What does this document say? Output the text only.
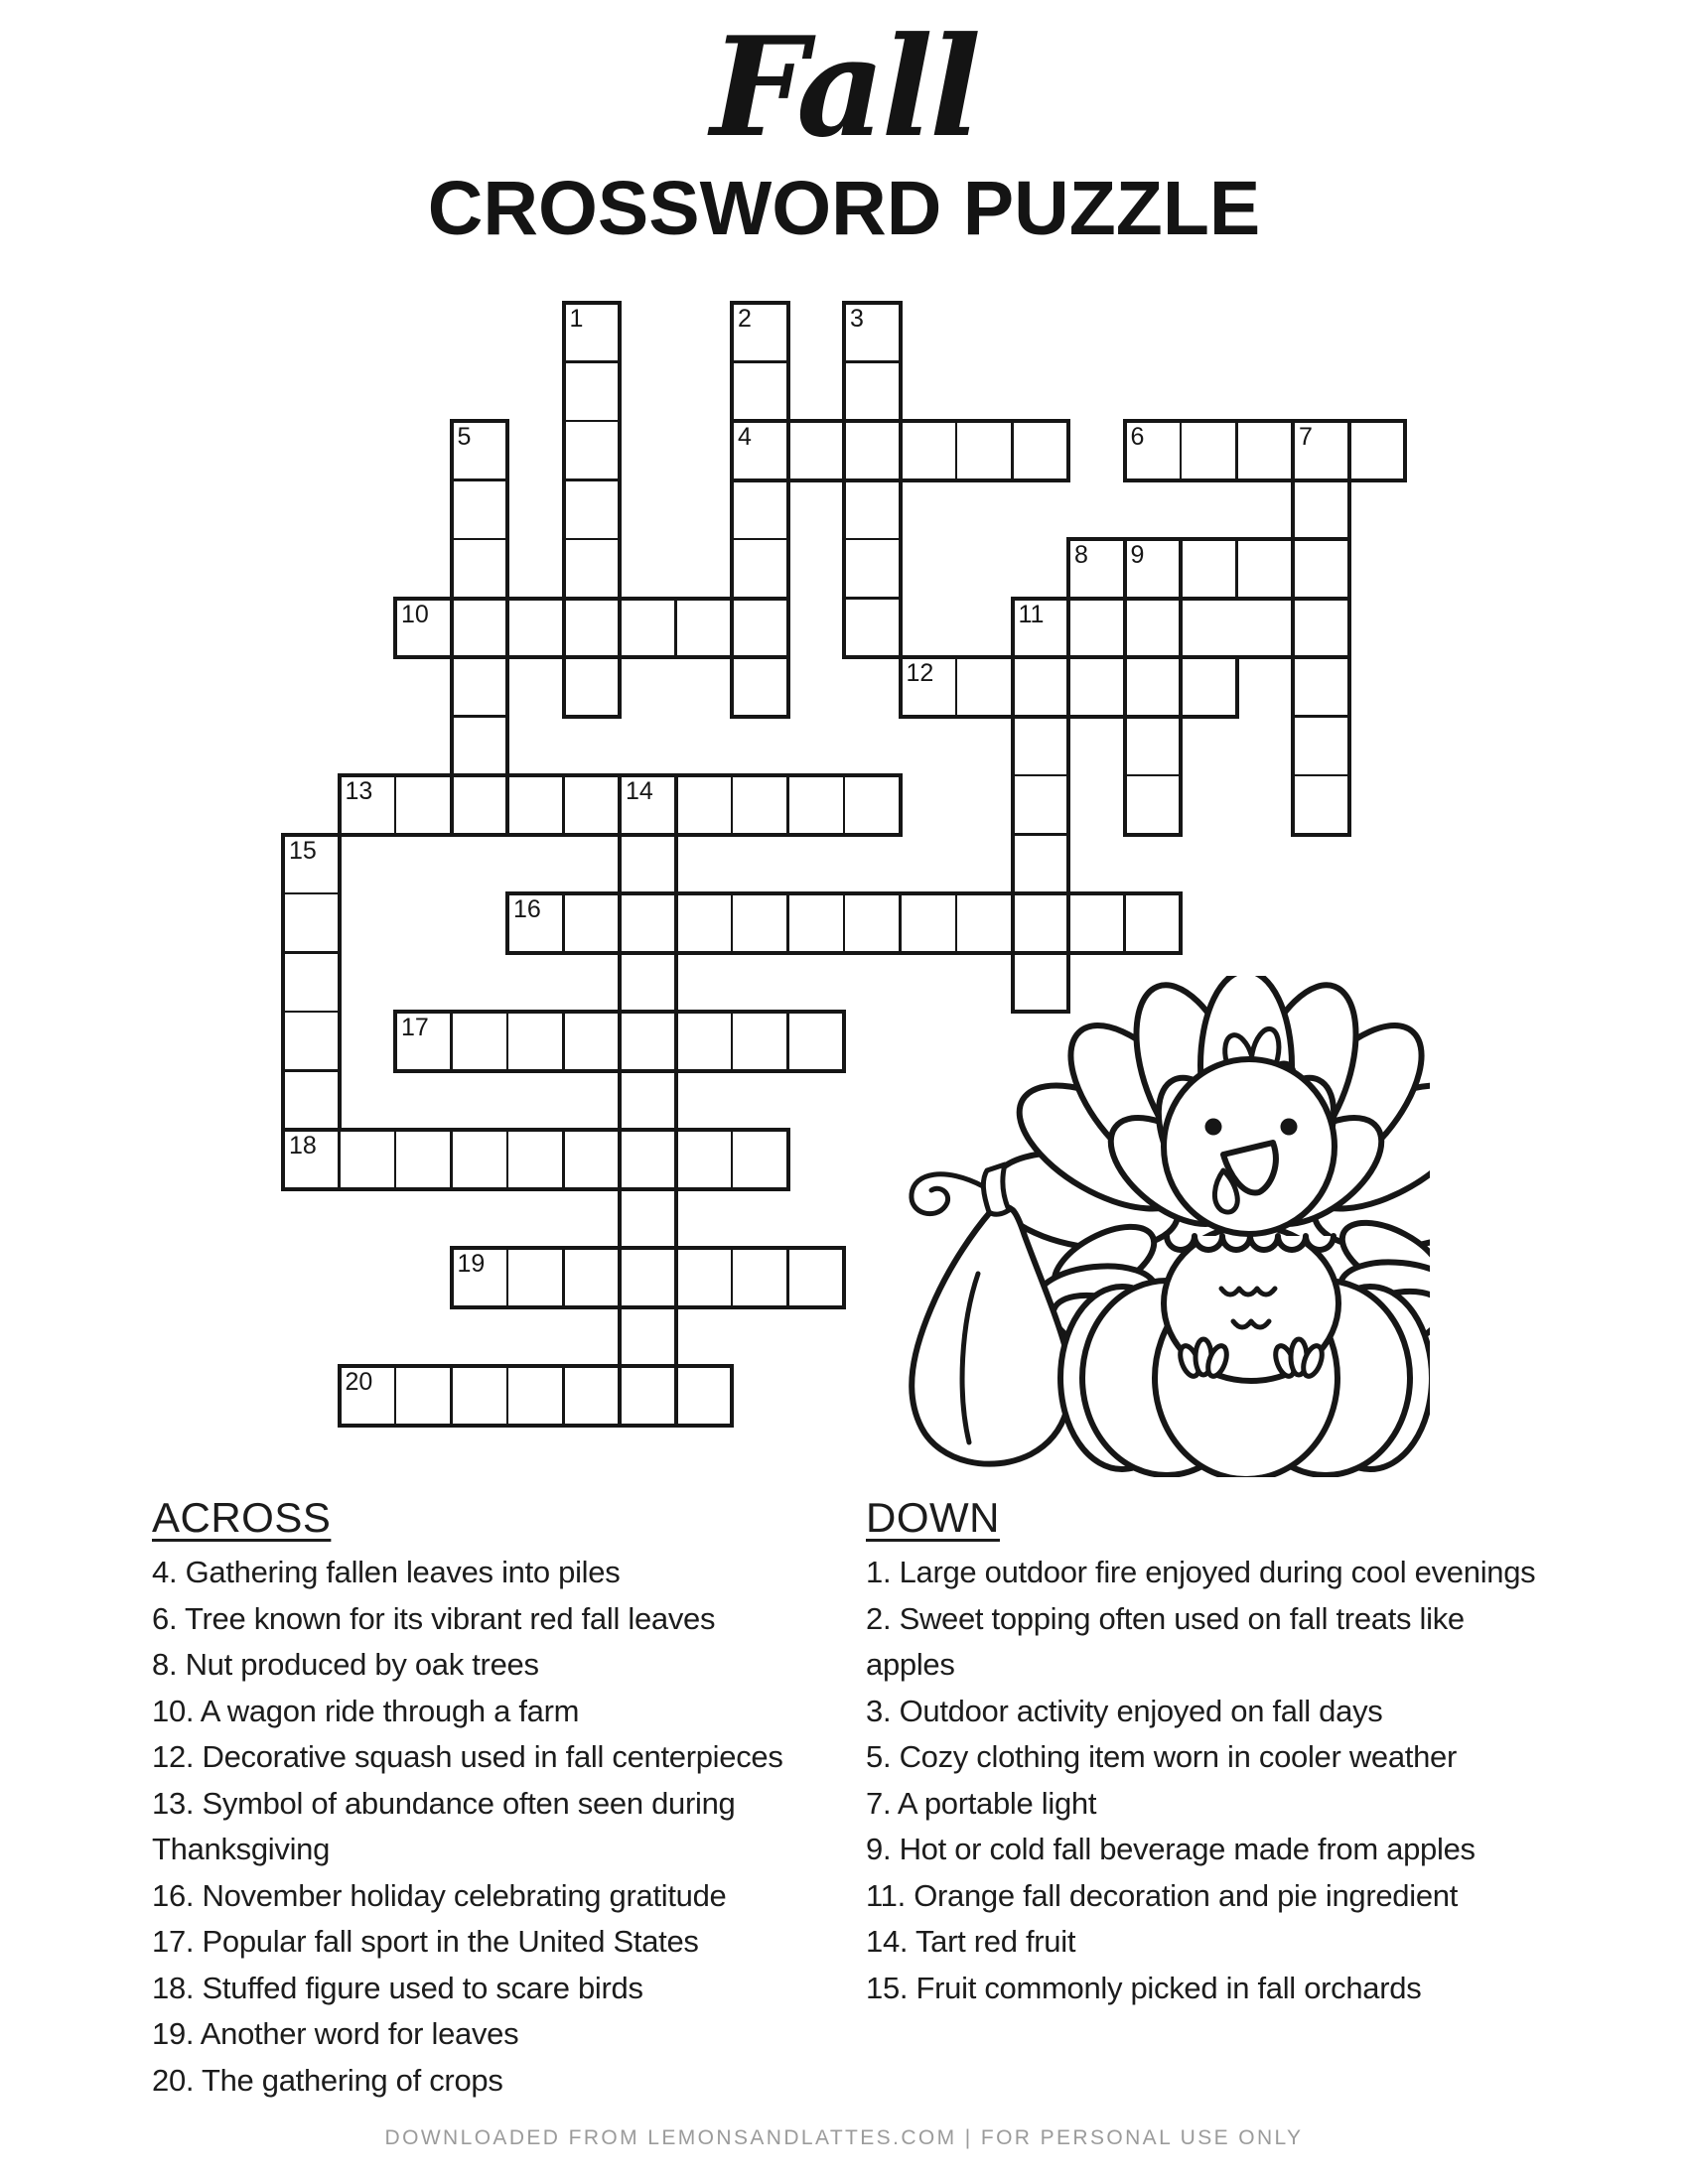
Fall
CROSSWORD PUZZLE
4	6
8
10
12
13
16
17
18
19
20
1	2	3
5	7
9
11
14
15
ACROSS
4. Gathering fallen leaves into piles
6. Tree known for its vibrant red fall leaves
8. Nut produced by oak trees
10. A wagon ride through a farm
12. Decorative squash used in fall centerpieces
13. Symbol of abundance often seen during
Thanksgiving
16. November holiday celebrating gratitude
17. Popular fall sport in the United States
18. Stuffed figure used to scare birds
19. Another word for leaves
20. The gathering of crops
DOWN
1. Large outdoor fire enjoyed during cool evenings
2. Sweet topping often used on fall treats like
apples
3. Outdoor activity enjoyed on fall days
5. Cozy clothing item worn in cooler weather
7. A portable light
9. Hot or cold fall beverage made from apples
11. Orange fall decoration and pie ingredient
14. Tart red fruit
15. Fruit commonly picked in fall orchards
DOWNLOADED FROM LEMONSANDLATTES.COM | FOR PERSONAL USE ONLY
